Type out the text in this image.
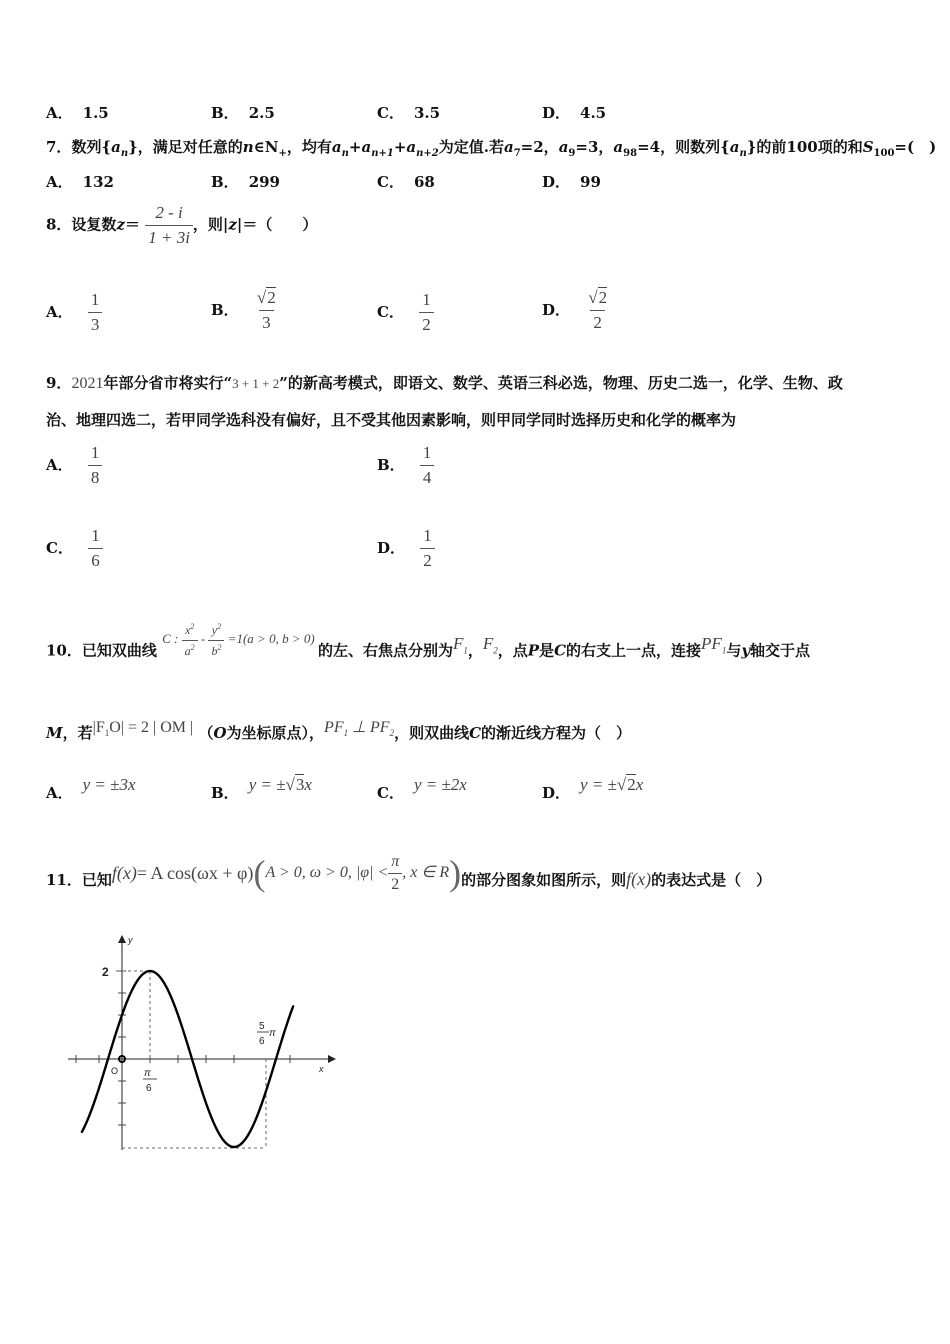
A． 1.5	B． 2.5	C． 3.5	D． 4.5
7．数列$\{a_n\}$，满足对任意的$n\in N_+$，均有$a_n+a_{n+1}+a_{n+2}$为定值.若$a_7=2$，$a_9=3$，$a_{98}=4$，则数列$\{a_n\}$的前100项的和$S_{100}=$(　)
A． 132	B． 299	C． 68	D． 99
8．设复数$z= \frac{2 - i}{1 + 3i}$ ，则|z|＝（　　）
A． $\frac{1}{3}$	B． $\frac{√2}{3}$	C． $\frac{1}{2}$	D． $\frac{√2}{2}$
9．2021年部分省市将实行“3 + 1 + 2”的新高考模式，即语文、数学、英语三科必选，物理、历史二选一，化学、生物、政
治、地理四选二，若甲同学选科没有偏好，且不受其他因素影响，则甲同学同时选择历史和化学的概率为
A． $\frac{1}{8}$	B． $\frac{1}{4}$
C． $\frac{1}{6}$	D． $\frac{1}{2}$
10．已知双曲线 C : $\frac{x^2}{a^2} - \frac{y^2}{b^2} =1(a > 0$, b > 0) 的左、右焦点分别为$F_1$，$F_2$，点P是C的右支上一点，连接$PF_1$与y轴交于点
M，若$|F_1O| = 2$ | OM | （O为坐标原点），$PF_1$ ⊥ $PF_2$，则双曲线C的渐近线方程为（　）
A． y = ±3x	B． y = ±√3x	C． y = ±2x	D． y = ±√2x
11．已知f(x)= A cos(ωx + φ)(A > 0, ω > 0, $|\varphi| < \frac{\pi}{2}$ , x ∈ R)的部分图象如图所示，则f(x)的表达式是（　）
y
x
2
O	π
6
5
6
π
